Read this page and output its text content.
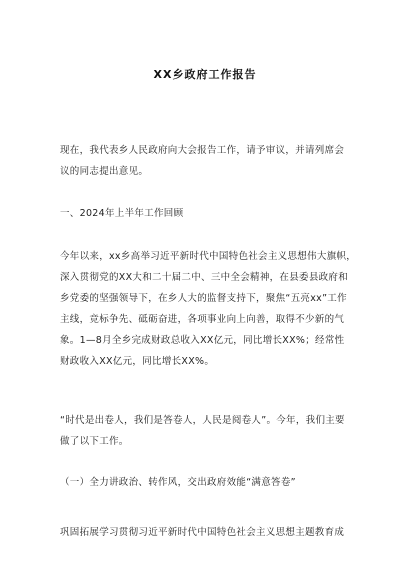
XX乡政府工作报告
现在，我代表乡人民政府向大会报告工作，请予审议，并请列席会
议的同志提出意见。
一、2024年上半年工作回顾
今年以来，xx乡高举习近平新时代中国特色社会主义思想伟大旗帜，
深入贯彻党的XX大和二十届二中、三中全会精神，在县委县政府和
乡党委的坚强领导下，在乡人大的监督支持下，聚焦“五亮xx”工作
主线，竞标争先、砥砺奋进，各项事业向上向善，取得不少新的气
象。1—8月全乡完成财政总收入XX亿元，同比增长XX%；经常性
财政收入XX亿元，同比增长XX%。
“时代是出卷人，我们是答卷人，人民是阅卷人”。今年，我们主要
做了以下工作。
（一）全力讲政治、转作风，交出政府效能“满意答卷”
巩固拓展学习贯彻习近平新时代中国特色社会主义思想主题教育成
